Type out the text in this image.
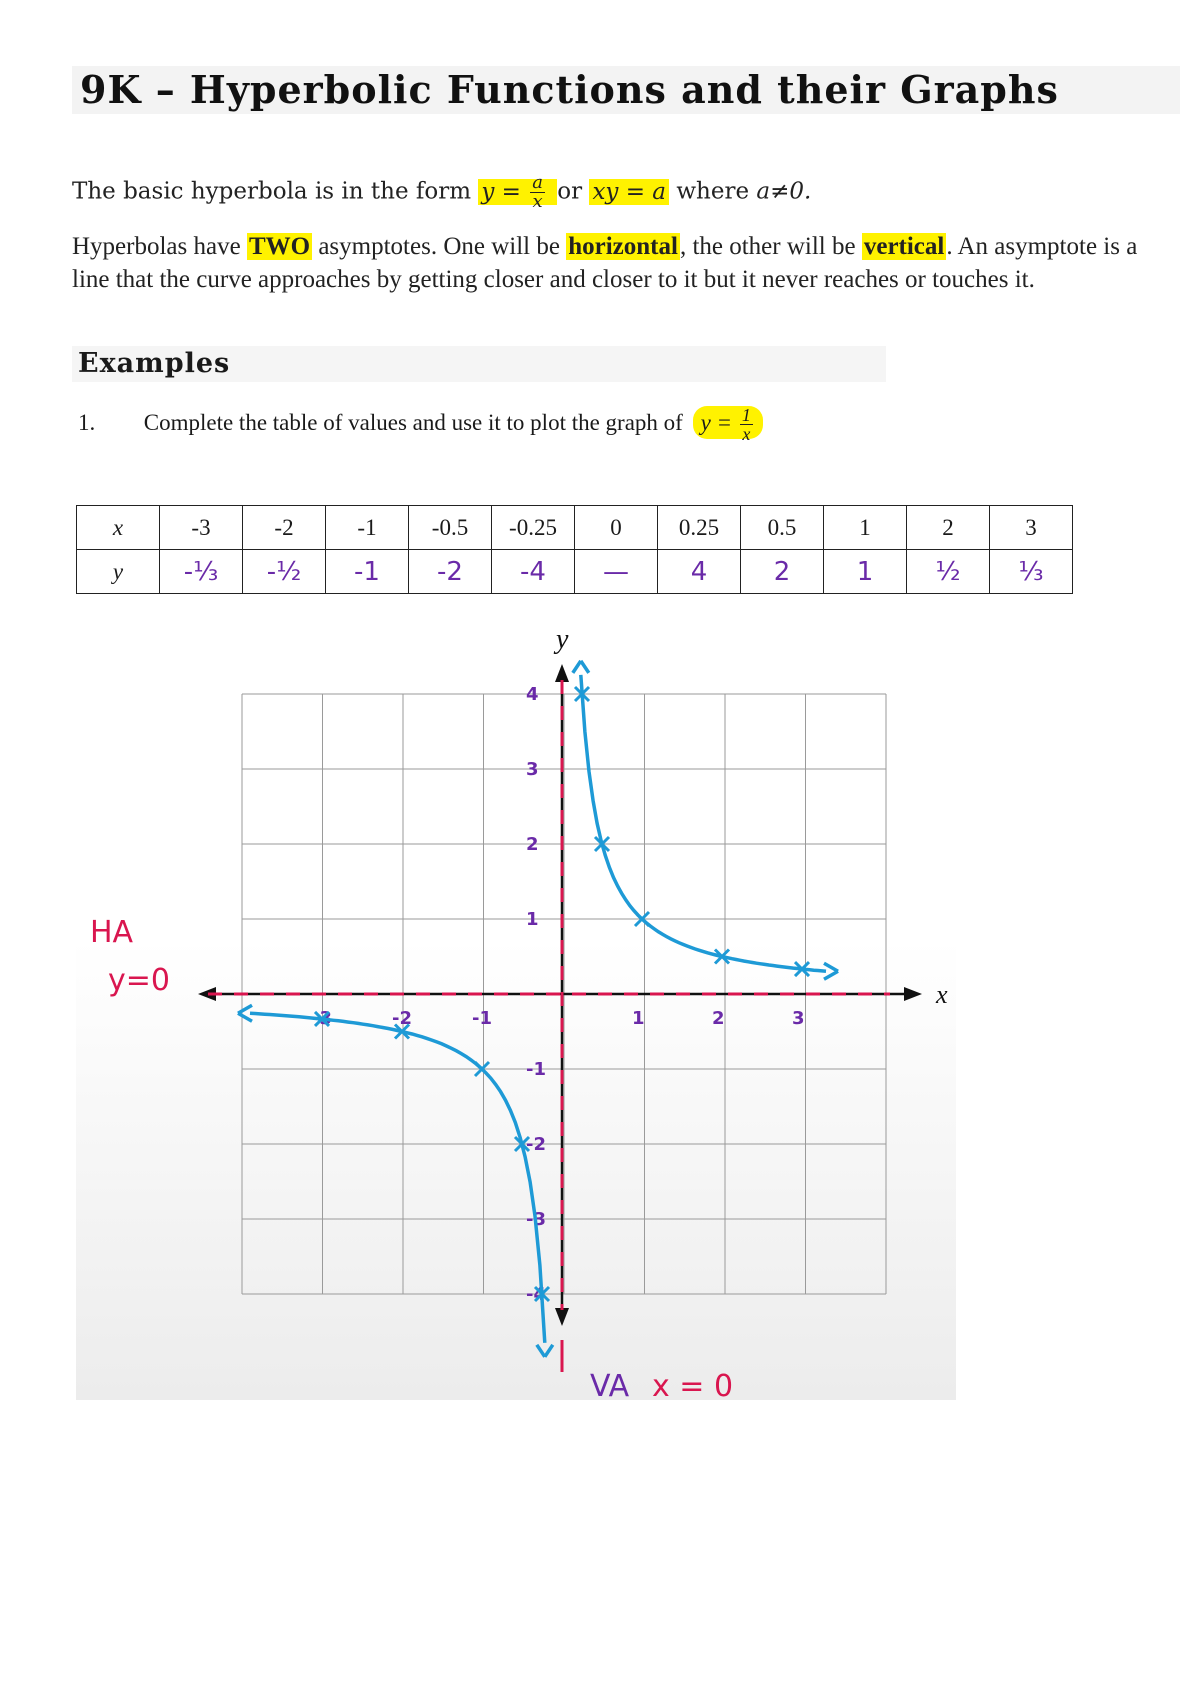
9K – Hyperbolic Functions and their Graphs
The basic hyperbola is in the form $y = \frac{a}{x}$ or xy = a where a≠0.
Hyperbolas have TWO asymptotes. One will be horizontal, the other will be vertical. An asymptote is a line that the curve approaches by getting closer and closer to it but it never reaches or touches it.
Examples
1. Complete the table of values and use it to plot the graph of $y = \frac{1}{x}$
x	-3	-2	-1	-0.5	-0.25	0	0.25	0.5	1	2	3
y	-⅓	-½	-1	-2	-4	—	4	2	1	½	⅓
x
y
-3	-2	-1	1	2	3
4
3
2
1
-1
-2
-3
-4
HA
y=0
VA x = 0
